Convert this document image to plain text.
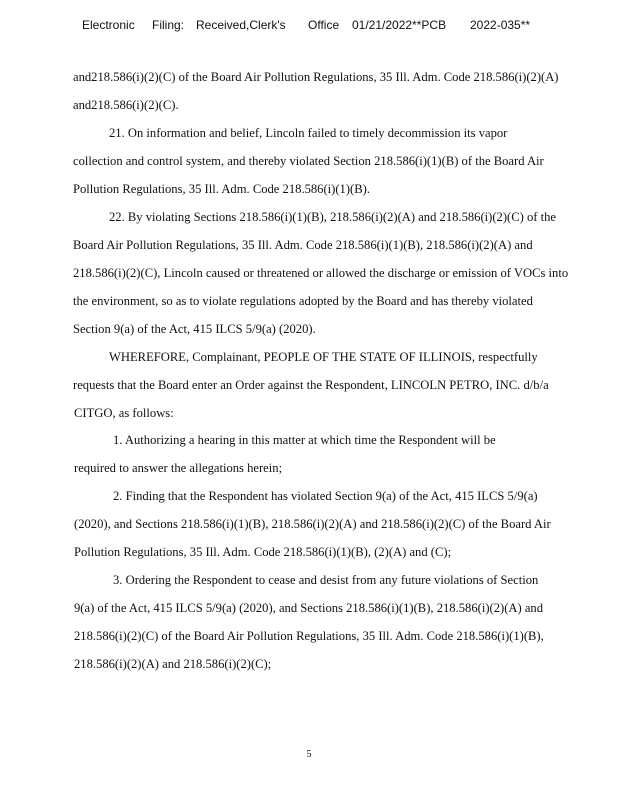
Electronic Filing: Received,Clerk's Office 01/21/2022**PCB 2022-035**
and218.586(i)(2)(C) of the Board Air Pollution Regulations, 35 Ill. Adm. Code 218.586(i)(2)(A)
and218.586(i)(2)(C).
21. On information and belief, Lincoln failed to timely decommission its vapor
collection and control system, and thereby violated Section 218.586(i)(1)(B) of the Board Air
Pollution Regulations, 35 Ill. Adm. Code 218.586(i)(1)(B).
22. By violating Sections 218.586(i)(1)(B), 218.586(i)(2)(A) and 218.586(i)(2)(C) of the
Board Air Pollution Regulations, 35 Ill. Adm. Code 218.586(i)(1)(B), 218.586(i)(2)(A) and
218.586(i)(2)(C), Lincoln caused or threatened or allowed the discharge or emission of VOCs into
the environment, so as to violate regulations adopted by the Board and has thereby violated
Section 9(a) of the Act, 415 ILCS 5/9(a) (2020).
WHEREFORE, Complainant, PEOPLE OF THE STATE OF ILLINOIS, respectfully
requests that the Board enter an Order against the Respondent, LINCOLN PETRO, INC. d/b/a
CITGO, as follows:
1. Authorizing a hearing in this matter at which time the Respondent will be
required to answer the allegations herein;
2. Finding that the Respondent has violated Section 9(a) of the Act, 415 ILCS 5/9(a)
(2020), and Sections 218.586(i)(1)(B), 218.586(i)(2)(A) and 218.586(i)(2)(C) of the Board Air
Pollution Regulations, 35 Ill. Adm. Code 218.586(i)(1)(B), (2)(A) and (C);
3. Ordering the Respondent to cease and desist from any future violations of Section
9(a) of the Act, 415 ILCS 5/9(a) (2020), and Sections 218.586(i)(1)(B), 218.586(i)(2)(A) and
218.586(i)(2)(C) of the Board Air Pollution Regulations, 35 Ill. Adm. Code 218.586(i)(1)(B),
218.586(i)(2)(A) and 218.586(i)(2)(C);
5
